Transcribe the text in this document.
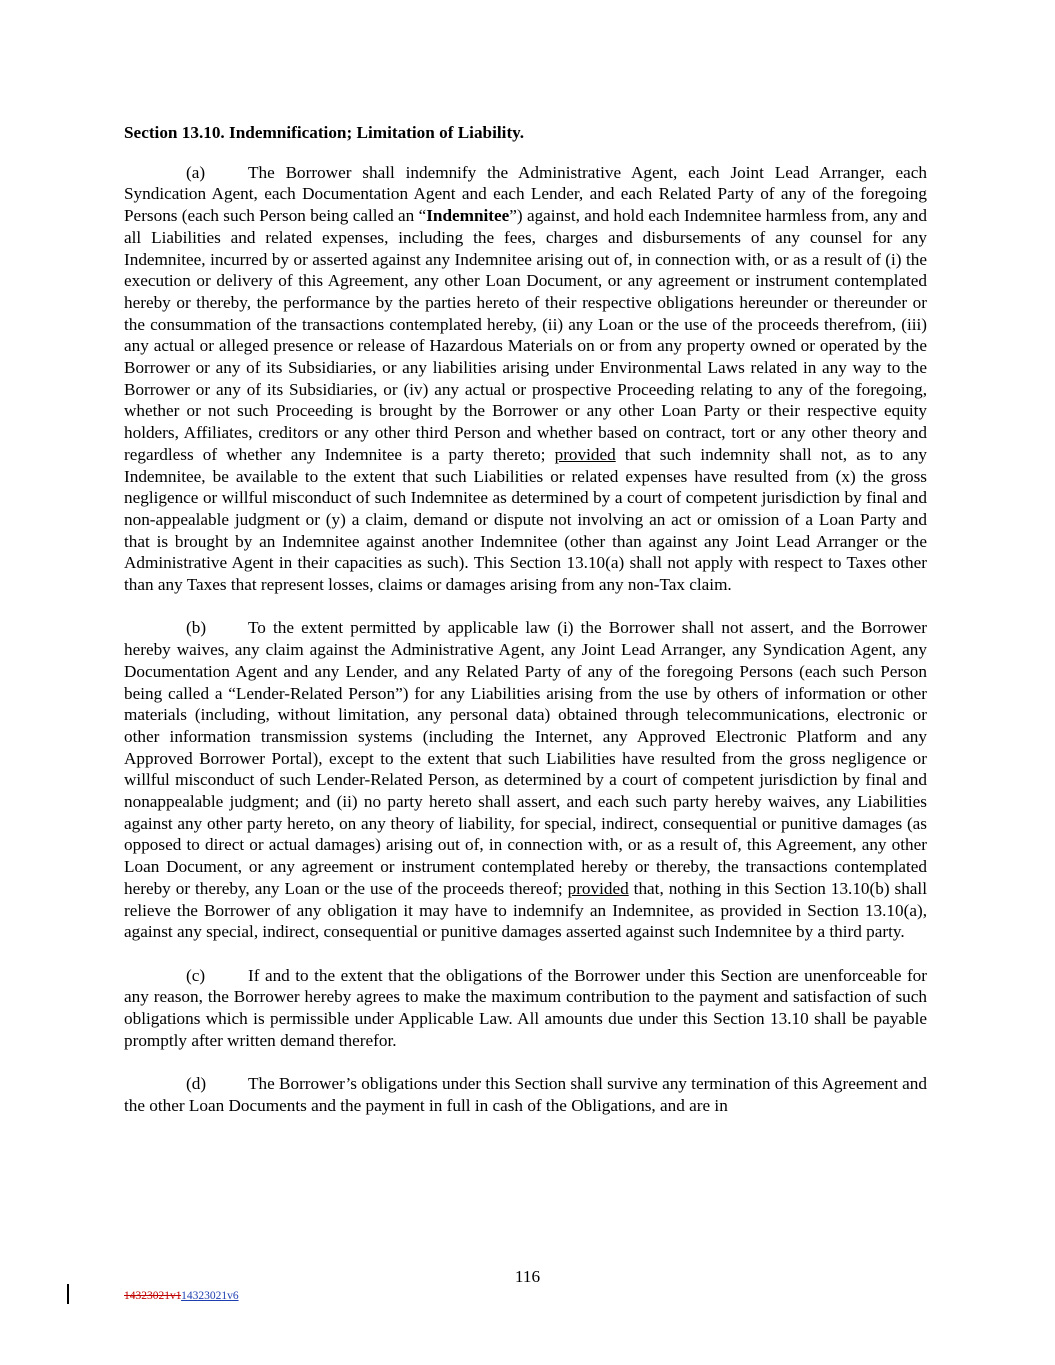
Section 13.10. Indemnification; Limitation of Liability.

(a) The Borrower shall indemnify the Administrative Agent, each Joint Lead Arranger, each Syndication Agent, each Documentation Agent and each Lender, and each Related Party of any of the foregoing Persons (each such Person being called an “Indemnitee”) against, and hold each Indemnitee harmless from, any and all Liabilities and related expenses, including the fees, charges and disbursements of any counsel for any Indemnitee, incurred by or asserted against any Indemnitee arising out of, in connection with, or as a result of (i) the execution or delivery of this Agreement, any other Loan Document, or any agreement or instrument contemplated hereby or thereby, the performance by the parties hereto of their respective obligations hereunder or thereunder or the consummation of the transactions contemplated hereby, (ii) any Loan or the use of the proceeds therefrom, (iii) any actual or alleged presence or release of Hazardous Materials on or from any property owned or operated by the Borrower or any of its Subsidiaries, or any liabilities arising under Environmental Laws related in any way to the Borrower or any of its Subsidiaries, or (iv) any actual or prospective Proceeding relating to any of the foregoing, whether or not such Proceeding is brought by the Borrower or any other Loan Party or their respective equity holders, Affiliates, creditors or any other third Person and whether based on contract, tort or any other theory and regardless of whether any Indemnitee is a party thereto; provided that such indemnity shall not, as to any Indemnitee, be available to the extent that such Liabilities or related expenses have resulted from (x) the gross negligence or willful misconduct of such Indemnitee as determined by a court of competent jurisdiction by final and non-appealable judgment or (y) a claim, demand or dispute not involving an act or omission of a Loan Party and that is brought by an Indemnitee against another Indemnitee (other than against any Joint Lead Arranger or the Administrative Agent in their capacities as such). This Section 13.10(a) shall not apply with respect to Taxes other than any Taxes that represent losses, claims or damages arising from any non-Tax claim.

(b) To the extent permitted by applicable law (i) the Borrower shall not assert, and the Borrower hereby waives, any claim against the Administrative Agent, any Joint Lead Arranger, any Syndication Agent, any Documentation Agent and any Lender, and any Related Party of any of the foregoing Persons (each such Person being called a “Lender-Related Person”) for any Liabilities arising from the use by others of information or other materials (including, without limitation, any personal data) obtained through telecommunications, electronic or other information transmission systems (including the Internet, any Approved Electronic Platform and any Approved Borrower Portal), except to the extent that such Liabilities have resulted from the gross negligence or willful misconduct of such Lender-Related Person, as determined by a court of competent jurisdiction by final and nonappealable judgment; and (ii) no party hereto shall assert, and each such party hereby waives, any Liabilities against any other party hereto, on any theory of liability, for special, indirect, consequential or punitive damages (as opposed to direct or actual damages) arising out of, in connection with, or as a result of, this Agreement, any other Loan Document, or any agreement or instrument contemplated hereby or thereby, the transactions contemplated hereby or thereby, any Loan or the use of the proceeds thereof; provided that, nothing in this Section 13.10(b) shall relieve the Borrower of any obligation it may have to indemnify an Indemnitee, as provided in Section 13.10(a), against any special, indirect, consequential or punitive damages asserted against such Indemnitee by a third party.

(c) If and to the extent that the obligations of the Borrower under this Section are unenforceable for any reason, the Borrower hereby agrees to make the maximum contribution to the payment and satisfaction of such obligations which is permissible under Applicable Law. All amounts due under this Section 13.10 shall be payable promptly after written demand therefor.

(d) The Borrower’s obligations under this Section shall survive any termination of this Agreement and the other Loan Documents and the payment in full in cash of the Obligations, and are in

116
14323021v114323021v6
